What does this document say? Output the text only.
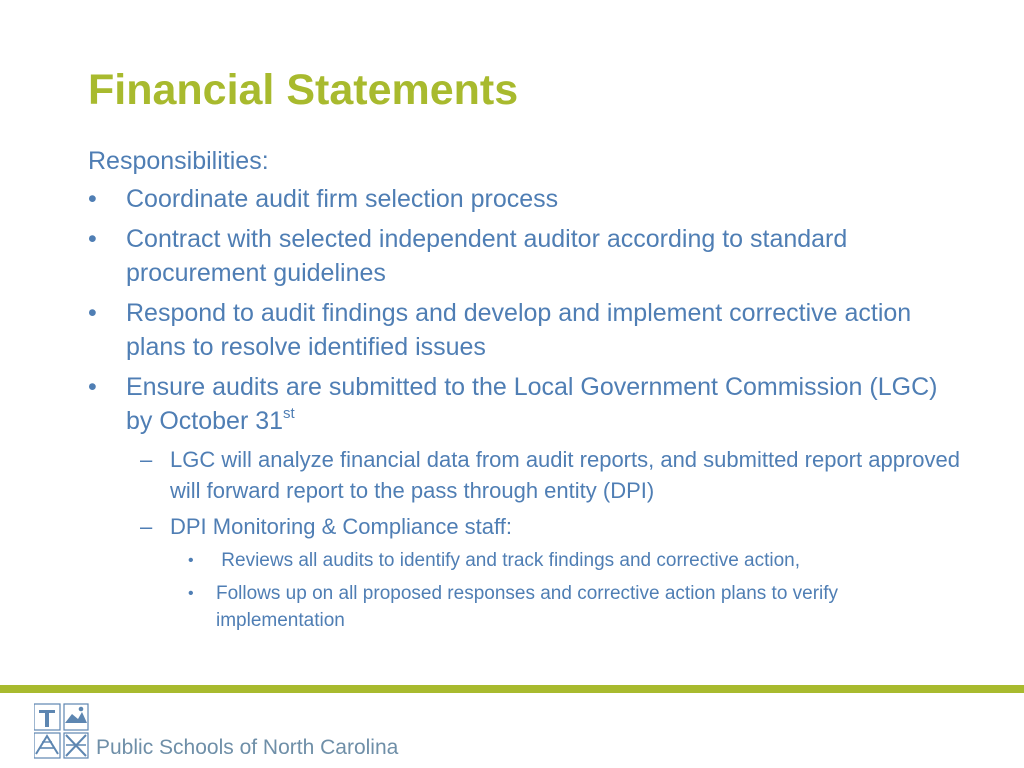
Financial Statements

Responsibilities:

• Coordinate audit firm selection process
• Contract with selected independent auditor according to standard procurement guidelines
• Respond to audit findings and develop and implement corrective action plans to resolve identified issues
• Ensure audits are submitted to the Local Government Commission (LGC) by October 31st
– LGC will analyze financial data from audit reports, and submitted report approved will forward report to the pass through entity (DPI)
– DPI Monitoring & Compliance staff:
• Reviews all audits to identify and track findings and corrective action,
• Follows up on all proposed responses and corrective action plans to verify implementation
Public Schools of North Carolina
